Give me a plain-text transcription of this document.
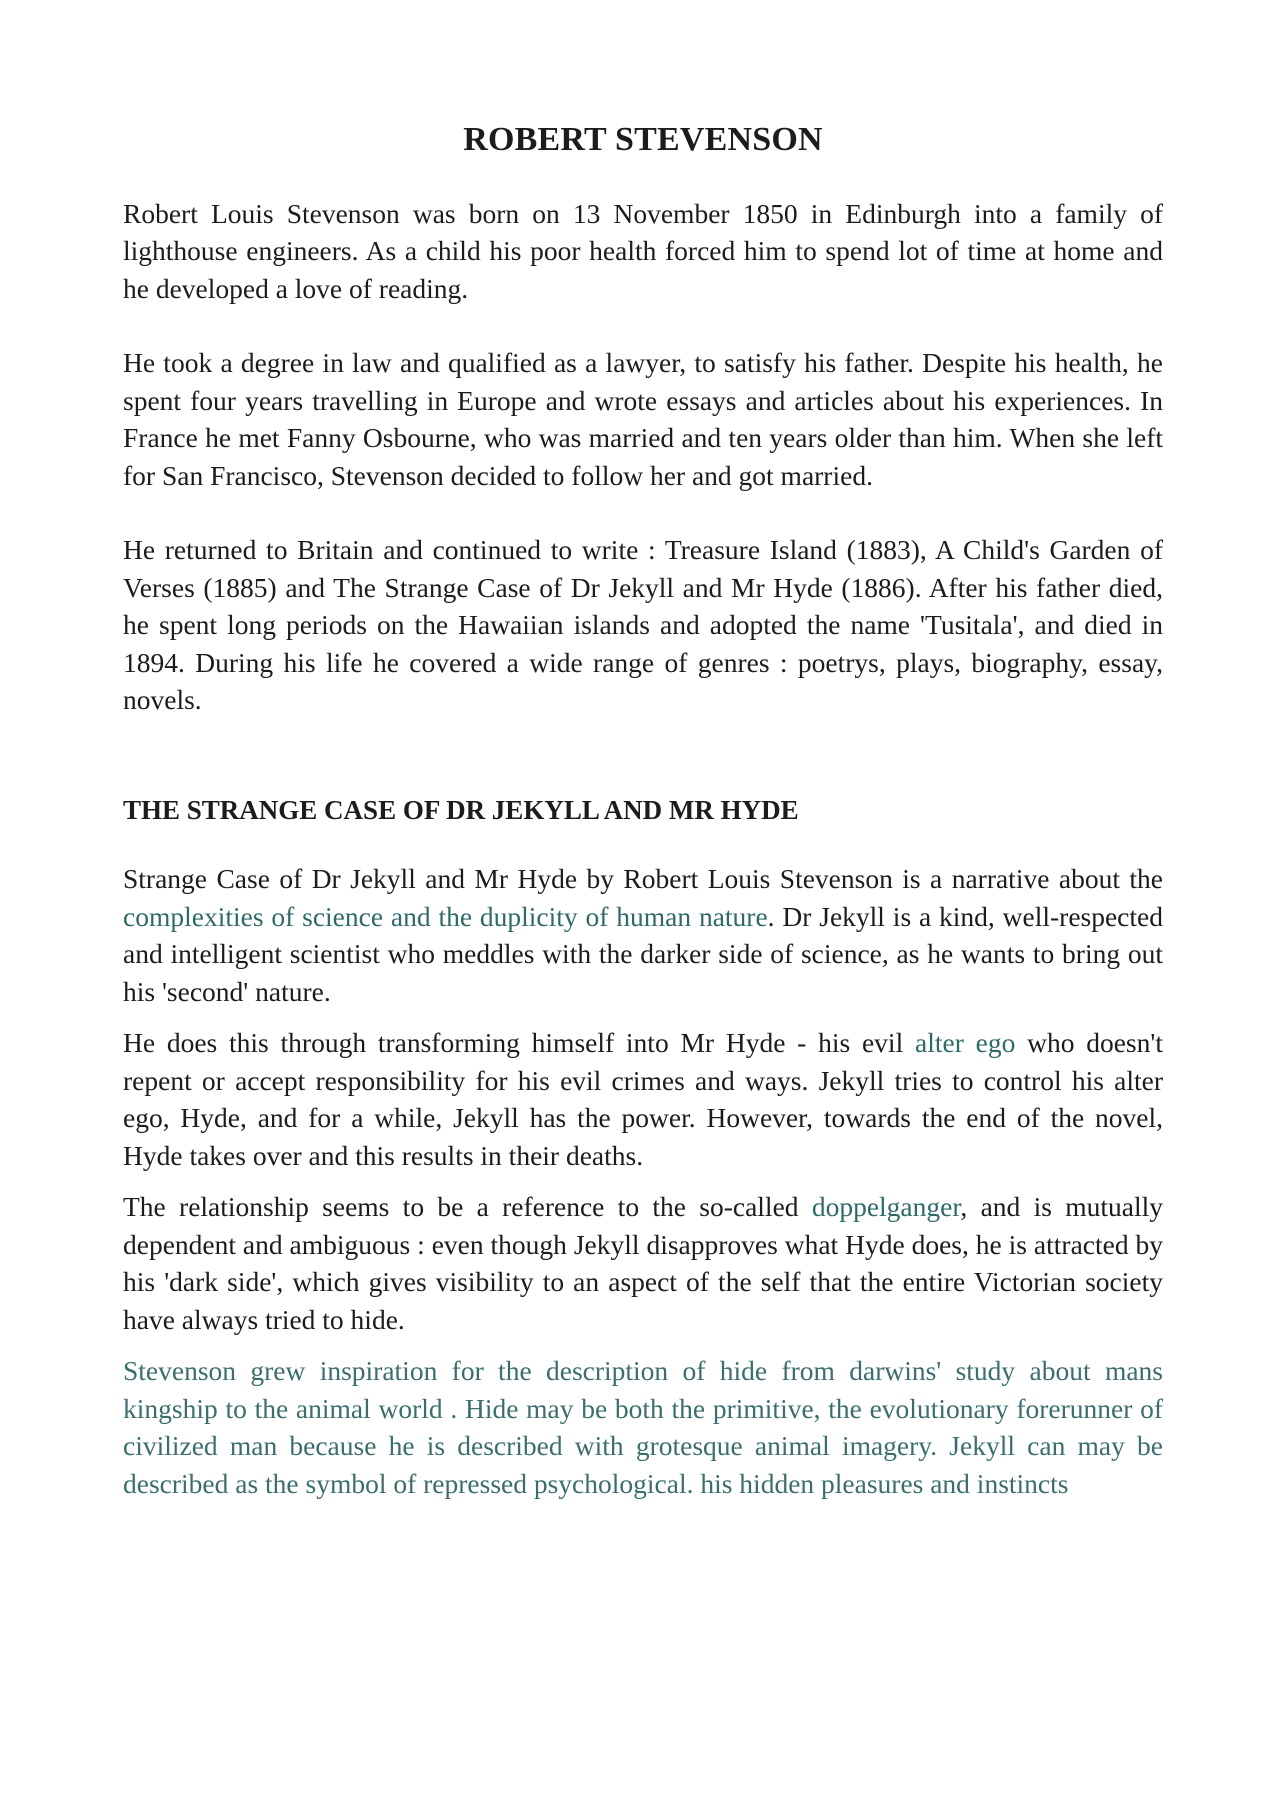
ROBERT STEVENSON

Robert Louis Stevenson was born on 13 November 1850 in Edinburgh into a family of lighthouse engineers. As a child his poor health forced him to spend lot of time at home and he developed a love of reading.

He took a degree in law and qualified as a lawyer, to satisfy his father. Despite his health, he spent four years travelling in Europe and wrote essays and articles about his experiences. In France he met Fanny Osbourne, who was married and ten years older than him. When she left for San Francisco, Stevenson decided to follow her and got married.

He returned to Britain and continued to write : Treasure Island (1883), A Child's Garden of Verses (1885) and The Strange Case of Dr Jekyll and Mr Hyde (1886). After his father died, he spent long periods on the Hawaiian islands and adopted the name 'Tusitala', and died in 1894. During his life he covered a wide range of genres : poetrys, plays, biography, essay, novels.

THE STRANGE CASE OF DR JEKYLL AND MR HYDE

Strange Case of Dr Jekyll and Mr Hyde by Robert Louis Stevenson is a narrative about the complexities of science and the duplicity of human nature. Dr Jekyll is a kind, well-respected and intelligent scientist who meddles with the darker side of science, as he wants to bring out his 'second' nature.

He does this through transforming himself into Mr Hyde - his evil alter ego who doesn't repent or accept responsibility for his evil crimes and ways. Jekyll tries to control his alter ego, Hyde, and for a while, Jekyll has the power. However, towards the end of the novel, Hyde takes over and this results in their deaths.

The relationship seems to be a reference to the so-called doppelganger, and is mutually dependent and ambiguous : even though Jekyll disapproves what Hyde does, he is attracted by his 'dark side', which gives visibility to an aspect of the self that the entire Victorian society have always tried to hide.

Stevenson grew inspiration for the description of hide from darwins' study about mans kingship to the animal world . Hide may be both the primitive, the evolutionary forerunner of civilized man because he is described with grotesque animal imagery. Jekyll can may be described as the symbol of repressed psychological. his hidden pleasures and instincts
